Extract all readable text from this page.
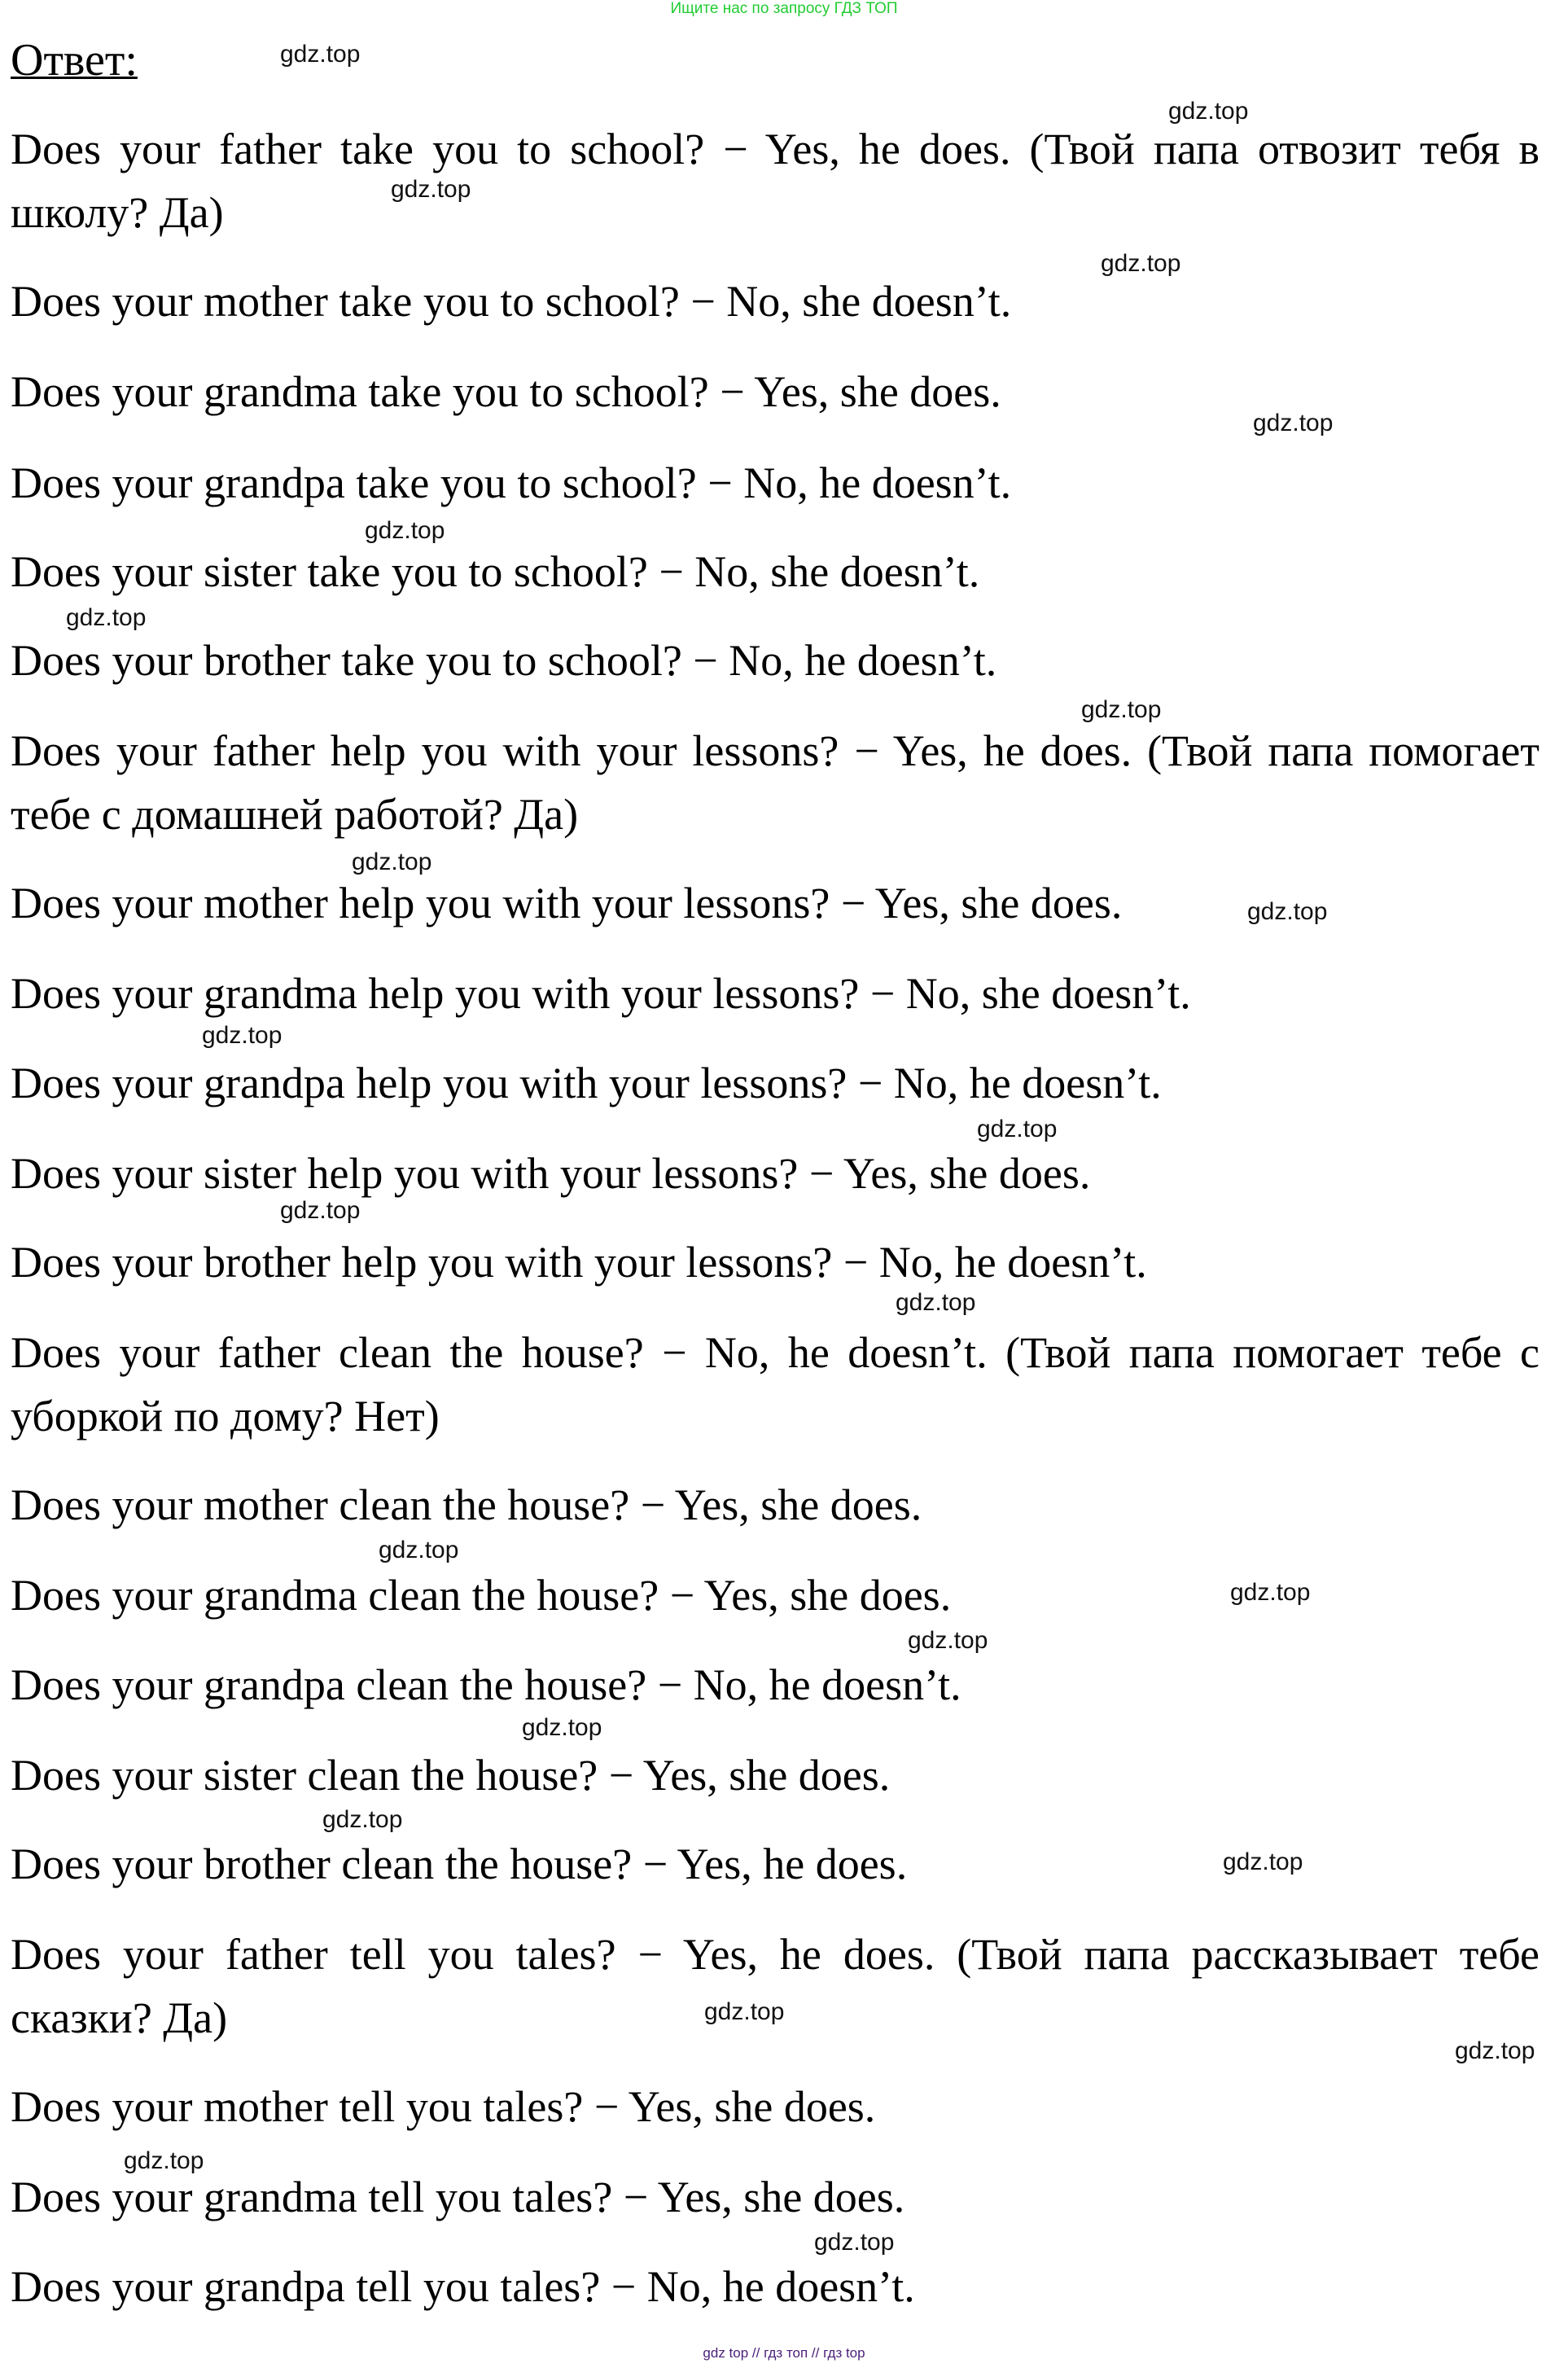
Ищите нас по запросу ГДЗ ТОП
Ответ:

Does your father take you to school? − Yes, he does. (Твой папа отвозит тебя в школу? Да)

Does your mother take you to school? − No, she doesn’t.

Does your grandma take you to school? − Yes, she does.

Does your grandpa take you to school? − No, he doesn’t.

Does your sister take you to school? − No, she doesn’t.

Does your brother take you to school? − No, he doesn’t.

Does your father help you with your lessons? − Yes, he does. (Твой папа помогает тебе с домашней работой? Да)

Does your mother help you with your lessons? − Yes, she does.

Does your grandma help you with your lessons? − No, she doesn’t.

Does your grandpa help you with your lessons? − No, he doesn’t.

Does your sister help you with your lessons? − Yes, she does.

Does your brother help you with your lessons? − No, he doesn’t.

Does your father clean the house? − No, he doesn’t. (Твой папа помогает тебе с уборкой по дому? Нет)

Does your mother clean the house? − Yes, she does.

Does your grandma clean the house? − Yes, she does.

Does your grandpa clean the house? − No, he doesn’t.

Does your sister clean the house? − Yes, she does.

Does your brother clean the house? − Yes, he does.

Does your father tell you tales? − Yes, he does. (Твой папа рассказывает тебе сказки? Да)

Does your mother tell you tales? − Yes, she does.

Does your grandma tell you tales? − Yes, she does.

Does your grandpa tell you tales? − No, he doesn’t.

gdz.top
gdz.top
gdz.top
gdz.top
gdz.top
gdz.top
gdz.top
gdz.top
gdz.top
gdz.top
gdz.top
gdz.top
gdz.top
gdz.top
gdz.top
gdz.top
gdz.top
gdz.top
gdz.top
gdz.top
gdz.top
gdz.top
gdz.top
gdz.top
gdz top // гдз топ // гдз top
